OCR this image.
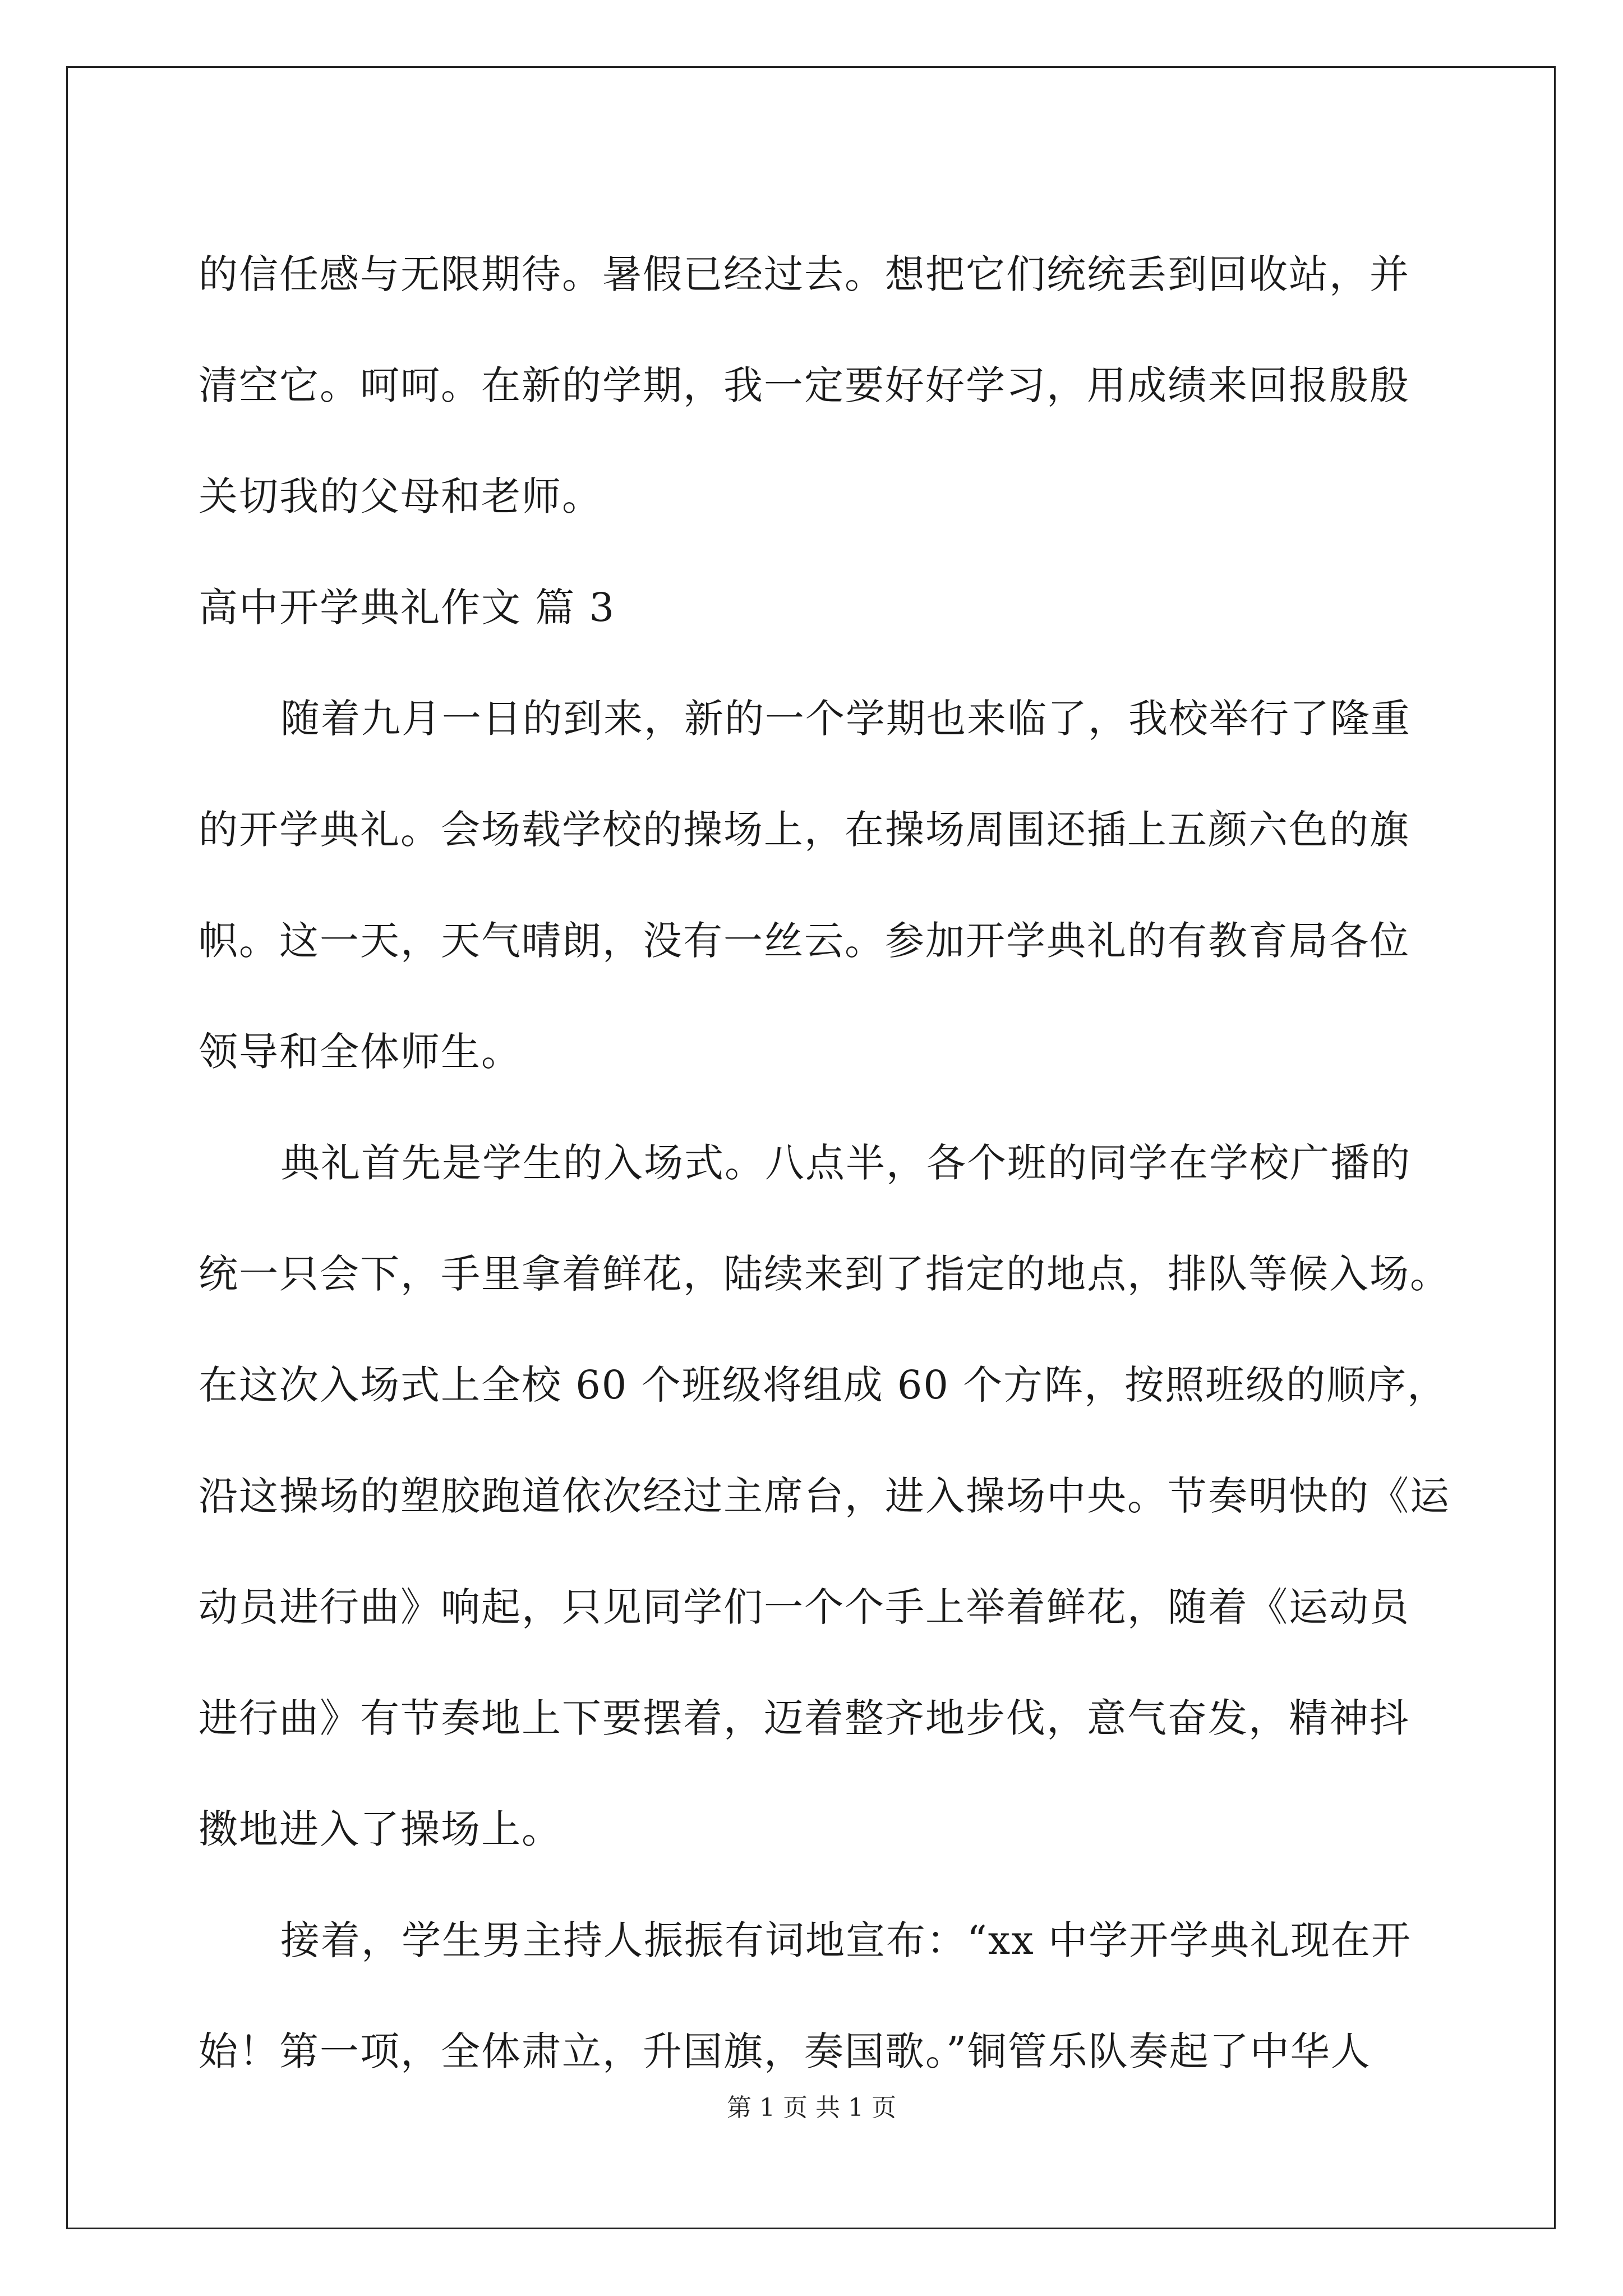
的信任感与无限期待。暑假已经过去。想把它们统统丢到回收站，并
清空它。呵呵。在新的学期，我一定要好好学习，用成绩来回报殷殷
关切我的父母和老师。
高中开学典礼作文 篇 3
随着九月一日的到来，新的一个学期也来临了，我校举行了隆重
的开学典礼。会场载学校的操场上，在操场周围还插上五颜六色的旗
帜。这一天，天气晴朗，没有一丝云。参加开学典礼的有教育局各位
领导和全体师生。
典礼首先是学生的入场式。八点半，各个班的同学在学校广播的
统一只会下，手里拿着鲜花，陆续来到了指定的地点，排队等候入场。
在这次入场式上全校 60 个班级将组成 60 个方阵，按照班级的顺序，
沿这操场的塑胶跑道依次经过主席台，进入操场中央。节奏明快的《运
动员进行曲》响起，只见同学们一个个手上举着鲜花，随着《运动员
进行曲》有节奏地上下要摆着，迈着整齐地步伐，意气奋发，精神抖
擞地进入了操场上。
接着，学生男主持人振振有词地宣布：“xx 中学开学典礼现在开
始！第一项，全体肃立，升国旗，奏国歌。”铜管乐队奏起了中华人
第 1 页 共 1 页
